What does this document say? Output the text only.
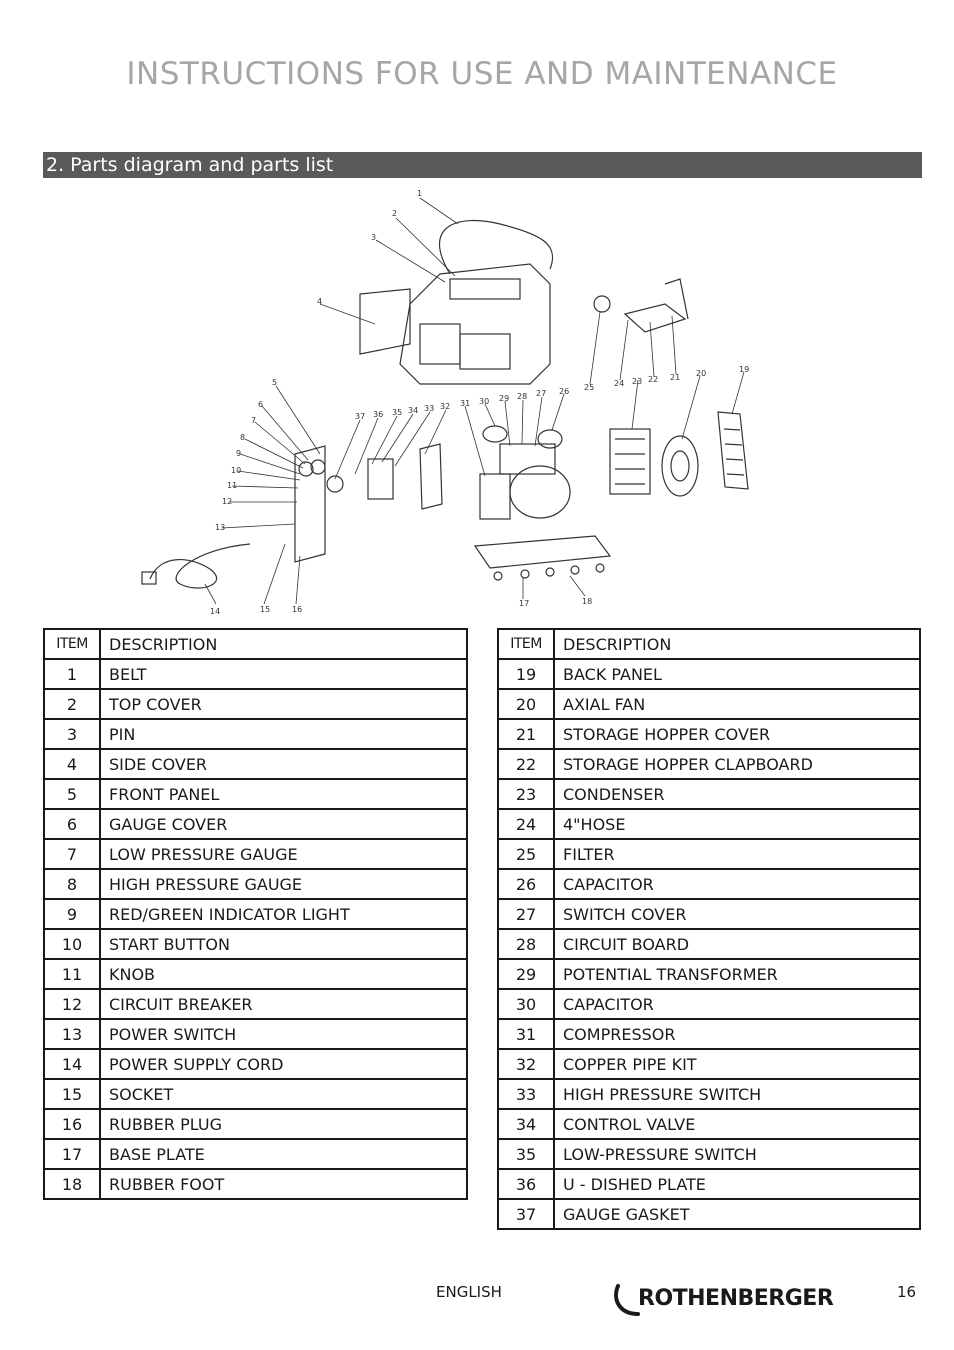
INSTRUCTIONS FOR USE AND MAINTENANCE
2. Parts diagram and parts list
1
2
3
4
5
6
7
8
9
10
11
12
13
14	15	16
17	18
19
20
21
22
23
24
25
26
27
28
29
30
31
32
33
34
35
36
37
ITEM	DESCRIPTION
1	BELT
2	TOP COVER
3	PIN
4	SIDE COVER
5	FRONT PANEL
6	GAUGE COVER
7	LOW PRESSURE GAUGE
8	HIGH PRESSURE GAUGE
9	RED/GREEN INDICATOR LIGHT
10	START BUTTON
11	KNOB
12	CIRCUIT BREAKER
13	POWER SWITCH
14	POWER SUPPLY CORD
15	SOCKET
16	RUBBER PLUG
17	BASE PLATE
18	RUBBER FOOT
ITEM	DESCRIPTION
19	BACK PANEL
20	AXIAL FAN
21	STORAGE HOPPER COVER
22	STORAGE HOPPER CLAPBOARD
23	CONDENSER
24	4"HOSE
25	FILTER
26	CAPACITOR
27	SWITCH COVER
28	CIRCUIT BOARD
29	POTENTIAL TRANSFORMER
30	CAPACITOR
31	COMPRESSOR
32	COPPER PIPE KIT
33	HIGH PRESSURE SWITCH
34	CONTROL VALVE
35	LOW-PRESSURE SWITCH
36	U - DISHED PLATE
37	GAUGE GASKET
ENGLISH	ROTHENBERGER	16
